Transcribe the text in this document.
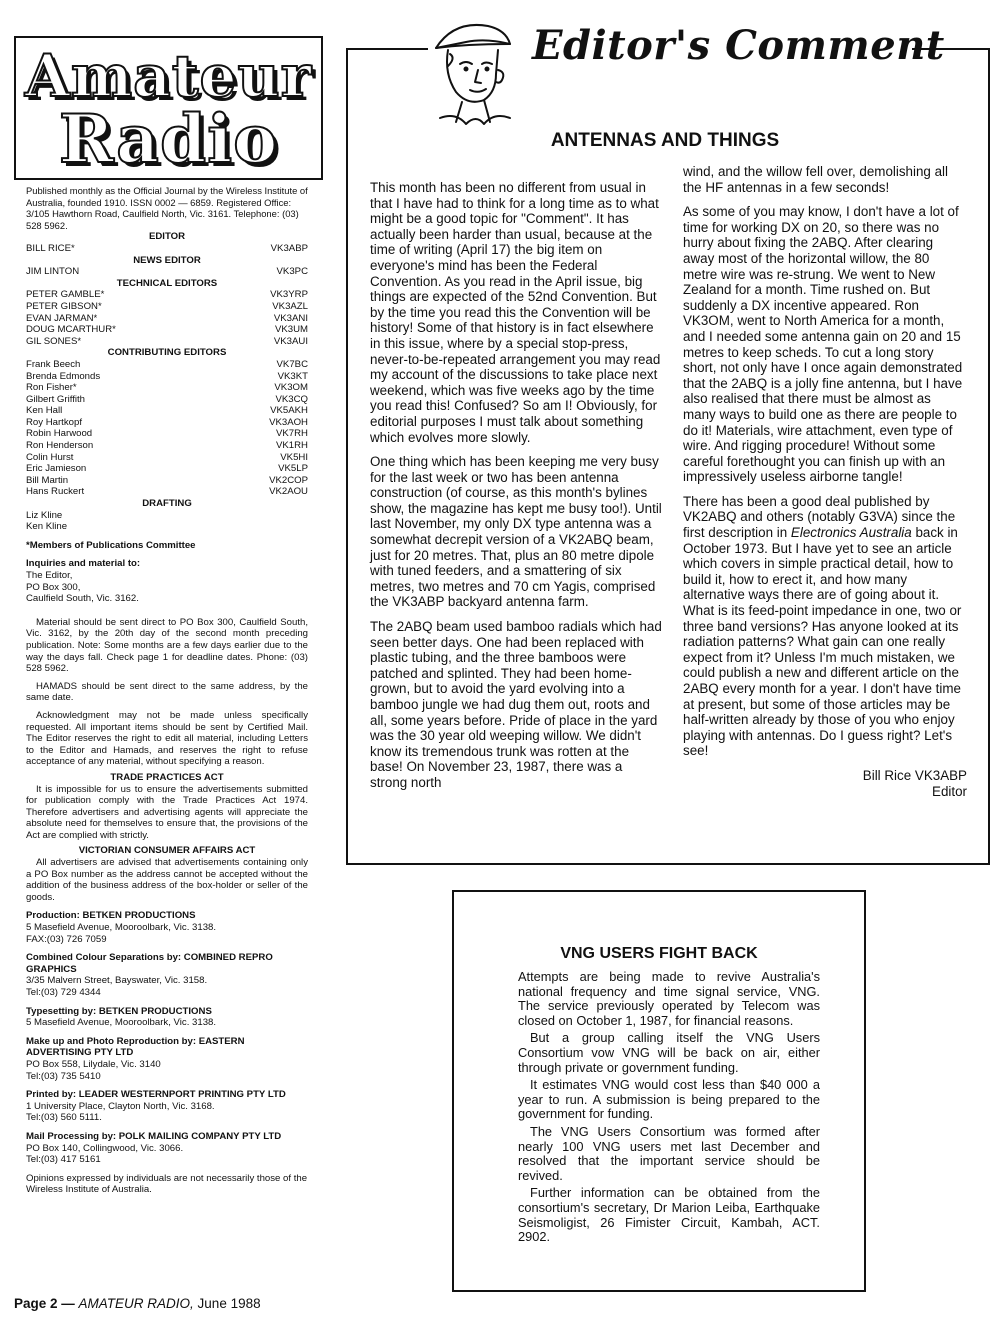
Amateur
Radio

Published monthly as the Official Journal by the Wireless Institute of Australia, founded 1910. ISSN 0002 — 6859. Registered Office: 3/105 Hawthorn Road, Caulfield North, Vic. 3161. Telephone: (03) 528 5962.

EDITOR

BILL RICE*	VK3ABP

NEWS EDITOR

JIM LINTON	VK3PC

TECHNICAL EDITORS

PETER GAMBLE*	VK3YRP
PETER GIBSON*	VK3AZL
EVAN JARMAN*	VK3ANI
DOUG MCARTHUR*	VK3UM
GIL SONES*	VK3AUI

CONTRIBUTING EDITORS

Frank Beech	VK7BC
Brenda Edmonds	VK3KT
Ron Fisher*	VK3OM
Gilbert Griffith	VK3CQ
Ken Hall	VK5AKH
Roy Hartkopf	VK3AOH
Robin Harwood	VK7RH
Ron Henderson	VK1RH
Colin Hurst	VK5HI
Eric Jamieson	VK5LP
Bill Martin	VK2COP
Hans Ruckert	VK2AOU

DRAFTING

Liz Kline

Ken Kline

*Members of Publications Committee

Inquiries and material to:

The Editor,

PO Box 300,

Caulfield South, Vic. 3162.

Material should be sent direct to PO Box 300, Caulfield South, Vic. 3162, by the 20th day of the second month preceding publication. Note: Some months are a few days earlier due to the way the days fall. Check page 1 for deadline dates. Phone: (03) 528 5962.

HAMADS should be sent direct to the same address, by the same date.

Acknowledgment may not be made unless specifically requested. All important items should be sent by Certified Mail. The Editor reserves the right to edit all material, including Letters to the Editor and Hamads, and reserves the right to refuse acceptance of any material, without specifying a reason.

TRADE PRACTICES ACT

It is impossible for us to ensure the advertisements submitted for publication comply with the Trade Practices Act 1974. Therefore advertisers and advertising agents will appreciate the absolute need for themselves to ensure that, the provisions of the Act are complied with strictly.

VICTORIAN CONSUMER AFFAIRS ACT

All advertisers are advised that advertisements containing only a PO Box number as the address cannot be accepted without the addition of the business address of the box-holder or seller of the goods.

Production: BETKEN PRODUCTIONS

5 Masefield Avenue, Mooroolbark, Vic. 3138.

FAX:(03) 726 7059

Combined Colour Separations by: COMBINED REPRO GRAPHICS

3/35 Malvern Street, Bayswater, Vic. 3158.

Tel:(03) 729 4344

Typesetting by: BETKEN PRODUCTIONS

5 Masefield Avenue, Mooroolbark, Vic. 3138.

Make up and Photo Reproduction by: EASTERN ADVERTISING PTY LTD

PO Box 558, Lilydale, Vic. 3140

Tel:(03) 735 5410

Printed by: LEADER WESTERNPORT PRINTING PTY LTD

1 University Place, Clayton North, Vic. 3168.

Tel:(03) 560 5111.

Mail Processing by: POLK MAILING COMPANY PTY LTD

PO Box 140, Collingwood, Vic. 3066.

Tel:(03) 417 5161

Opinions expressed by individuals are not necessarily those of the Wireless Institute of Australia.

Page 2 — AMATEUR RADIO, June 1988
Editor's Comment
ANTENNAS AND THINGS

This month has been no different from usual in that I have had to think for a long time as to what might be a good topic for "Comment". It has actually been harder than usual, because at the time of writing (April 17) the big item on everyone's mind has been the Federal Convention. As you read in the April issue, big things are expected of the 52nd Convention. But by the time you read this the Convention will be history! Some of that history is in fact elsewhere in this issue, where by a special stop-press, never-to-be-repeated arrangement you may read my account of the discussions to take place next weekend, which was five weeks ago by the time you read this! Confused? So am I! Obviously, for editorial purposes I must talk about something which evolves more slowly.

One thing which has been keeping me very busy for the last week or two has been antenna construction (of course, as this month's bylines show, the magazine has kept me busy too!). Until last November, my only DX type antenna was a somewhat decrepit version of a VK2ABQ beam, just for 20 metres. That, plus an 80 metre dipole with tuned feeders, and a smattering of six metres, two metres and 70 cm Yagis, comprised the VK3ABP backyard antenna farm.

The 2ABQ beam used bamboo radials which had seen better days. One had been replaced with plastic tubing, and the three bamboos were patched and splinted. They had been home-grown, but to avoid the yard evolving into a bamboo jungle we had dug them out, roots and all, some years before. Pride of place in the yard was the 30 year old weeping willow. We didn't know its tremendous trunk was rotten at the base! On November 23, 1987, there was a strong north

wind, and the willow fell over, demolishing all the HF antennas in a few seconds!

As some of you may know, I don't have a lot of time for working DX on 20, so there was no hurry about fixing the 2ABQ. After clearing away most of the horizontal willow, the 80 metre wire was re-strung. We went to New Zealand for a month. Time rushed on. But suddenly a DX incentive appeared. Ron VK3OM, went to North America for a month, and I needed some antenna gain on 20 and 15 metres to keep scheds. To cut a long story short, not only have I once again demonstrated that the 2ABQ is a jolly fine antenna, but I have also realised that there must be almost as many ways to build one as there are people to do it! Materials, wire attachment, even type of wire. And rigging procedure! Without some careful forethought you can finish up with an impressively useless airborne tangle!

There has been a good deal published by VK2ABQ and others (notably G3VA) since the first description in Electronics Australia back in October 1973. But I have yet to see an article which covers in simple practical detail, how to build it, how to erect it, and how many alternative ways there are of going about it. What is its feed-point impedance in one, two or three band versions? Has anyone looked at its radiation patterns? What gain can one really expect from it? Unless I'm much mistaken, we could publish a new and different article on the 2ABQ every month for a year. I don't have time at present, but some of those articles may be half-written already by those of you who enjoy playing with antennas. Do I guess right? Let's see!

Bill Rice VK3ABP

Editor

VNG USERS FIGHT BACK

Attempts are being made to revive Australia's national frequency and time signal service, VNG. The service previously operated by Telecom was closed on October 1, 1987, for financial reasons.

But a group calling itself the VNG Users Consortium vow VNG will be back on air, either through private or government funding.

It estimates VNG would cost less than $40 000 a year to run. A submission is being prepared to the government for funding.

The VNG Users Consortium was formed after nearly 100 VNG users met last December and resolved that the important service should be revived.

Further information can be obtained from the consortium's secretary, Dr Marion Leiba, Earthquake Seismoligist, 26 Fimister Circuit, Kambah, ACT. 2902.
